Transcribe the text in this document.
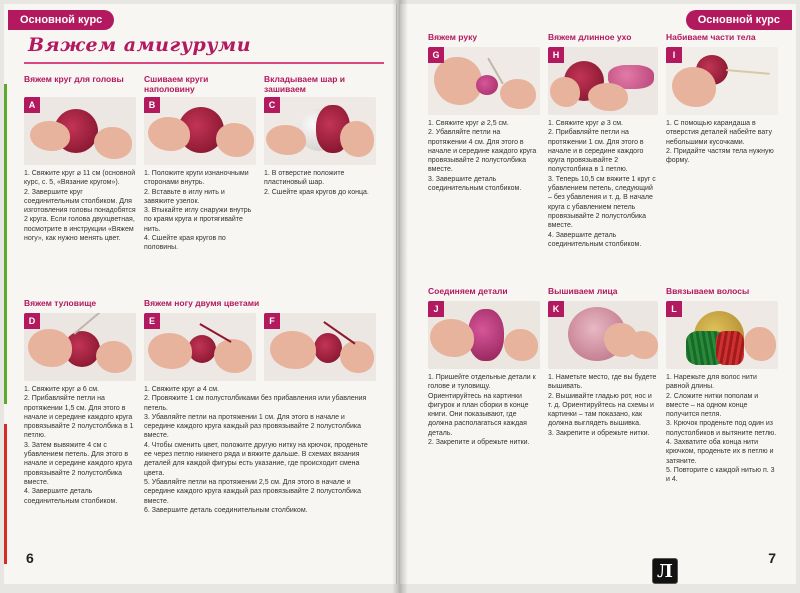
Основной курс
Вяжем амигуруми
Вяжем круг для головы
A
1. Свяжите круг ⌀ 11 см (основной курс, с. 5, «Вязание кругом»).
2. Завершите круг соединительным столбиком. Для изготовления головы понадобятся 2 круга. Если голова двухцветная, посмотрите в инструкции «Вяжем ногу», как нужно менять цвет.
Сшиваем круги наполовину
B
1. Положите круги изнаночными сторонами внутрь.
2. Вставьте в иглу нить и завяжите узелок.
3. Втыкайте иглу снаружи внутрь по краям круга и протягивайте нить.
4. Сшейте края кругов по половины.
Вкладываем шар и зашиваем
C
1. В отверстие положите пластиновый шар.
2. Сшейте края кругов до конца.
Вяжем туловище
D
1. Свяжите круг ⌀ 6 см.
2. Прибавляйте петли на протяжении 1,5 см. Для этого в начале и середине каждого круга провязывайте 2 полустолбика в 1 петлю.
3. Затем вывяжите 4 см с убавлением петель. Для этого в начале и середине каждого круга провязывайте 2 полустолбика вместе.
4. Завершите деталь соединительным столбиком.
Вяжем ногу двумя цветами
E
1. Свяжите круг ⌀ 4 см.
2. Провяжите 1 см полустолбиками без прибавления или убавления петель.
3. Убавляйте петли на протяжении 1 см. Для этого в начале и середине каждого круга каждый раз провязывайте 2 полустолбика вместе.
4. Чтобы сменить цвет, положите другую нитку на крючок, проденьте ее через петлю нижнего ряда и вяжите дальше. В схемах вязания деталей для каждой фигуры есть указание, где происходит смена цвета.
5. Убавляйте петли на протяжении 2,5 см. Для этого в начале и середине каждого круга каждый раз провязывайте 2 полустолбика вместе.
6. Завершите деталь соединительным столбиком.
F
6
Основной курс
Вяжем руку
G
1. Свяжите круг ⌀ 2,5 см.
2. Убавляйте петли на протяжении 4 см. Для этого в начале и середине каждого круга провязывайте 2 полустолбика вместе.
3. Завершите деталь соединительным столбиком.
Вяжем длинное ухо
H
1. Свяжите круг ⌀ 3 см.
2. Прибавляйте петли на протяжении 1 см. Для этого в начале и в середине каждого круга провязывайте 2 полустолбика в 1 петлю.
3. Теперь 10,5 см вяжите 1 круг с убавлением петель, следующий – без убавления и т. д. В начале круга с убавлением петель провязывайте 2 полустолбика вместе.
4. Завершите деталь соединительным столбиком.
Набиваем части тела
I
1. С помощью карандаша в отверстия деталей набейте вату небольшими кусочками.
2. Придайте частям тела нужную форму.
Соединяем детали
J
1. Пришейте отдельные детали к голове и туловищу. Ориентируйтесь на картинки фигурок и план сборки в конце книги. Они показывают, где должна располагаться каждая деталь.
2. Закрепите и обрежьте нитки.
Вышиваем лица
K
1. Наметьте место, где вы будете вышивать.
2. Вышивайте гладью рот, нос и т. д. Ориентируйтесь на схемы и картинки – там показано, как должна выглядеть вышивка.
3. Закрепите и обрежьте нитки.
Ввязываем волосы
L
1. Нарежьте для волос нити равной длины.
2. Сложите нитки пополам и вместе – на одном конце получится петля.
3. Крючок проденьте под один из полустолбиков и вытяните петлю.
4. Захватите оба конца нити крючком, проденьте их в петлю и затяните.
5. Повторите с каждой нитью п. 3 и 4.
7
Л
